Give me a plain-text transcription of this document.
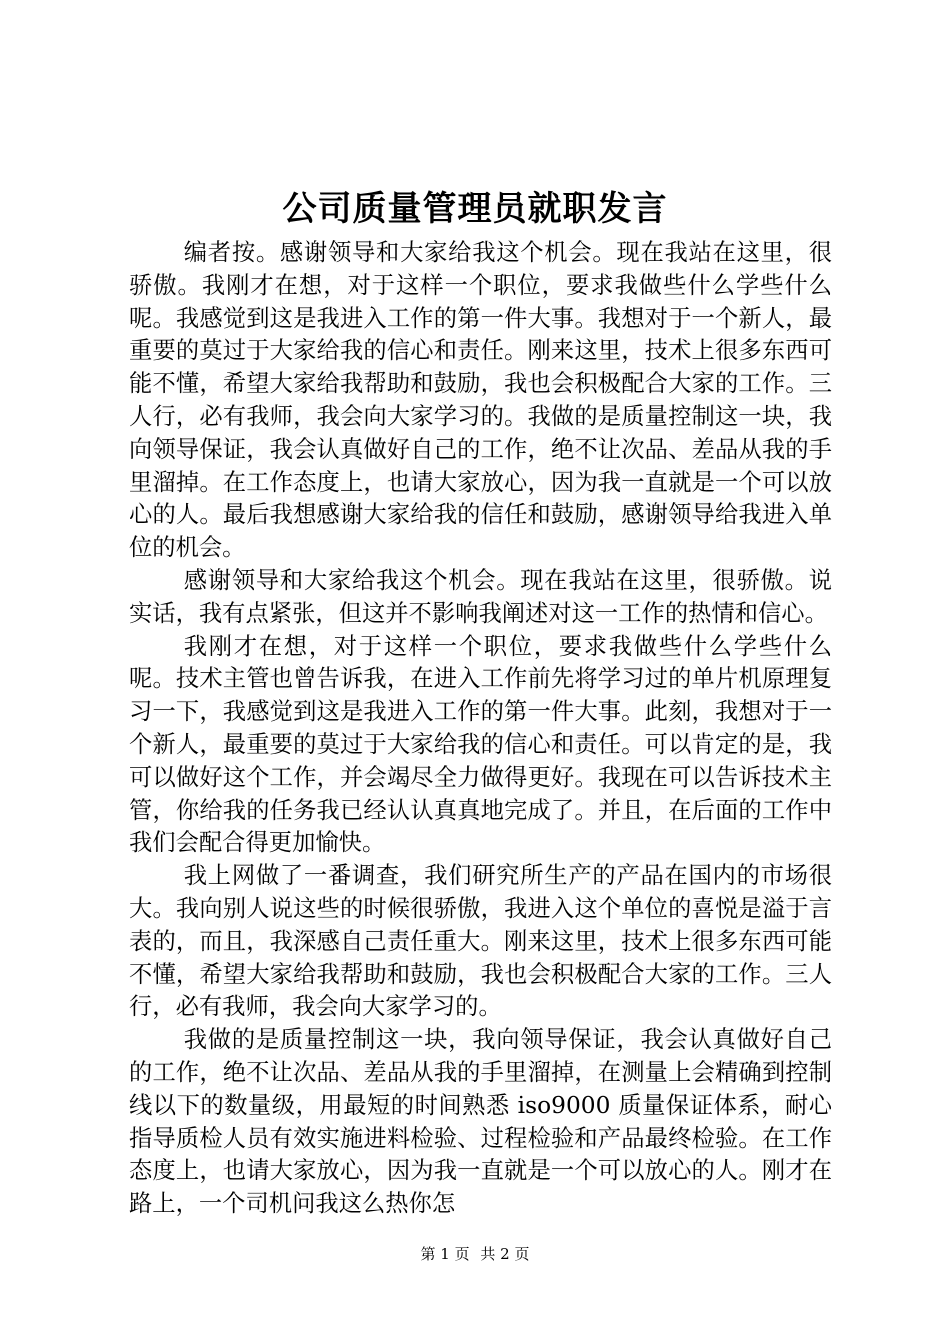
公司质量管理员就职发言

编者按。感谢领导和大家给我这个机会。现在我站在这里，很骄傲。我刚才在想，对于这样一个职位，要求我做些什么学些什么呢。我感觉到这是我进入工作的第一件大事。我想对于一个新人，最重要的莫过于大家给我的信心和责任。刚来这里，技术上很多东西可能不懂，希望大家给我帮助和鼓励，我也会积极配合大家的工作。三人行，必有我师，我会向大家学习的。我做的是质量控制这一块，我向领导保证，我会认真做好自己的工作，绝不让次品、差品从我的手里溜掉。在工作态度上，也请大家放心，因为我一直就是一个可以放心的人。最后我想感谢大家给我的信任和鼓励，感谢领导给我进入单位的机会。

感谢领导和大家给我这个机会。现在我站在这里，很骄傲。说实话，我有点紧张，但这并不影响我阐述对这一工作的热情和信心。

我刚才在想，对于这样一个职位，要求我做些什么学些什么呢。技术主管也曾告诉我，在进入工作前先将学习过的单片机原理复习一下，我感觉到这是我进入工作的第一件大事。此刻，我想对于一个新人，最重要的莫过于大家给我的信心和责任。可以肯定的是，我可以做好这个工作，并会竭尽全力做得更好。我现在可以告诉技术主管，你给我的任务我已经认认真真地完成了。并且，在后面的工作中我们会配合得更加愉快。

我上网做了一番调查，我们研究所生产的产品在国内的市场很大。我向别人说这些的时候很骄傲，我进入这个单位的喜悦是溢于言表的，而且，我深感自己责任重大。刚来这里，技术上很多东西可能不懂，希望大家给我帮助和鼓励，我也会积极配合大家的工作。三人行，必有我师，我会向大家学习的。

我做的是质量控制这一块，我向领导保证，我会认真做好自己的工作，绝不让次品、差品从我的手里溜掉，在测量上会精确到控制线以下的数量级，用最短的时间熟悉 iso9000 质量保证体系，耐心指导质检人员有效实施进料检验、过程检验和产品最终检验。在工作态度上，也请大家放心，因为我一直就是一个可以放心的人。刚才在路上，一个司机问我这么热你怎

第 1 页 共 2 页
